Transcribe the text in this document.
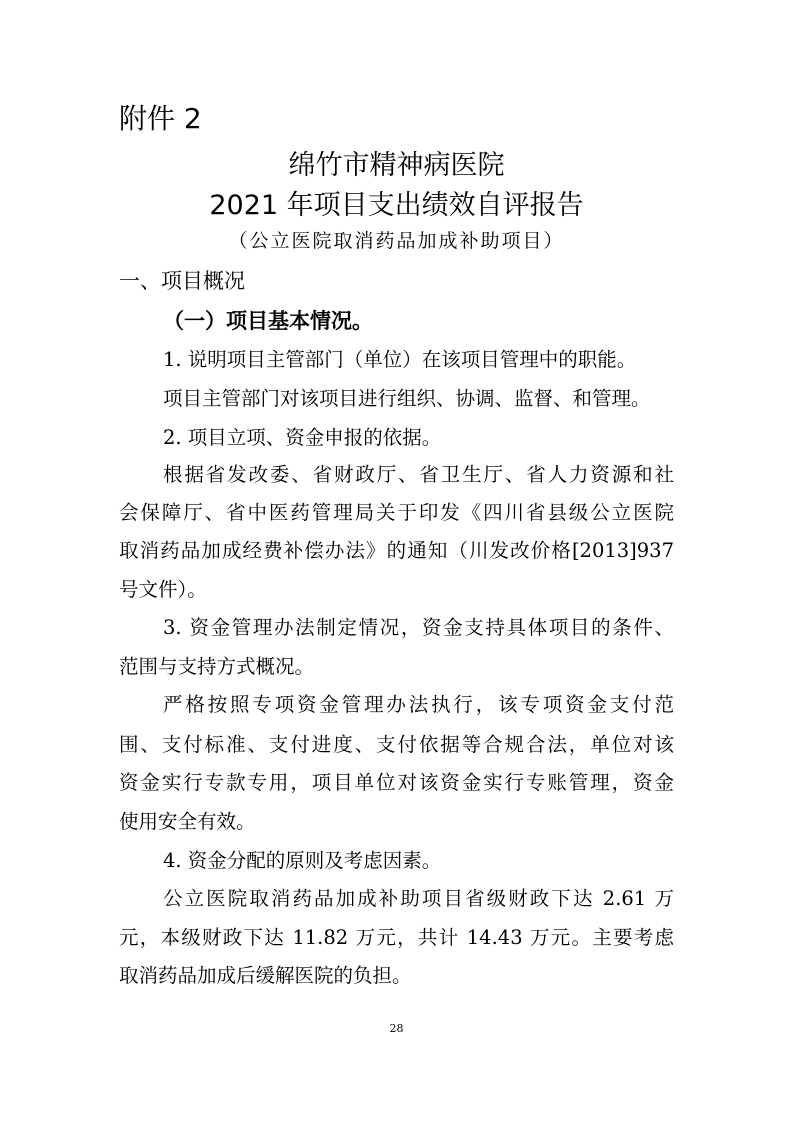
附件 2
绵竹市精神病医院
2021 年项目支出绩效自评报告
（公立医院取消药品加成补助项目）
一、项目概况
（一）项目基本情况。
1. 说明项目主管部门（单位）在该项目管理中的职能。
项目主管部门对该项目进行组织、协调、监督、和管理。
2. 项目立项、资金申报的依据。
根据省发改委、省财政厅、省卫生厅、省人力资源和社
会保障厅、省中医药管理局关于印发《四川省县级公立医院
取消药品加成经费补偿办法》的通知（川发改价格[2013]937
号文件）。
3. 资金管理办法制定情况，资金支持具体项目的条件、
范围与支持方式概况。
严格按照专项资金管理办法执行，该专项资金支付范
围、支付标准、支付进度、支付依据等合规合法，单位对该
资金实行专款专用，项目单位对该资金实行专账管理，资金
使用安全有效。
4. 资金分配的原则及考虑因素。
公立医院取消药品加成补助项目省级财政下达 2.61 万
元，本级财政下达 11.82 万元，共计 14.43 万元。主要考虑
取消药品加成后缓解医院的负担。
28
